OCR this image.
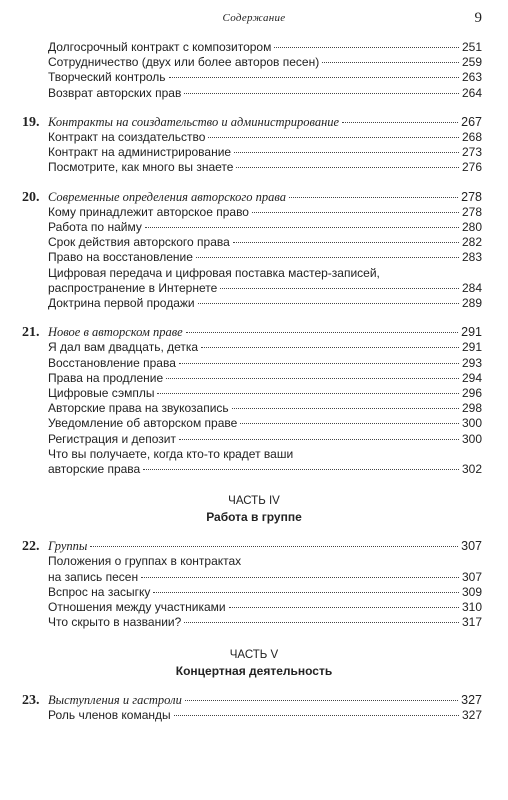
Содержание	9
Долгосрочный контракт с композитором	251
Сотрудничество (двух или более авторов песен)	259
Творческий контроль	263
Возврат авторских прав	264
19. Контракты на соиздательство и администрирование	267
Контракт на соиздательство	268
Контракт на администрирование	273
Посмотрите, как много вы знаете	276
20. Современные определения авторского права	278
Кому принадлежит авторское право	278
Работа по найму	280
Срок действия авторского права	282
Право на восстановление	283
Цифровая передача и цифровая поставка мастер-записей,
распространение в Интернете	284
Доктрина первой продажи	289
21. Новое в авторском праве	291
Я дал вам двадцать, детка	291
Восстановление права	293
Права на продление	294
Цифровые сэмплы	296
Авторские права на звукозапись	298
Уведомление об авторском праве	300
Регистрация и депозит	300
Что вы получаете, когда кто-то крадет ваши
авторские права	302
ЧАСТЬ IV
Работа в группе
22. Группы	307
Положения о группах в контрактах
на запись песен	307
Вспрос на засыгку	309
Отношения между участниками	310
Что скрыто в названии?	317
ЧАСТЬ V
Концертная деятельность
23. Выступления и гастроли	327
Роль членов команды	327
